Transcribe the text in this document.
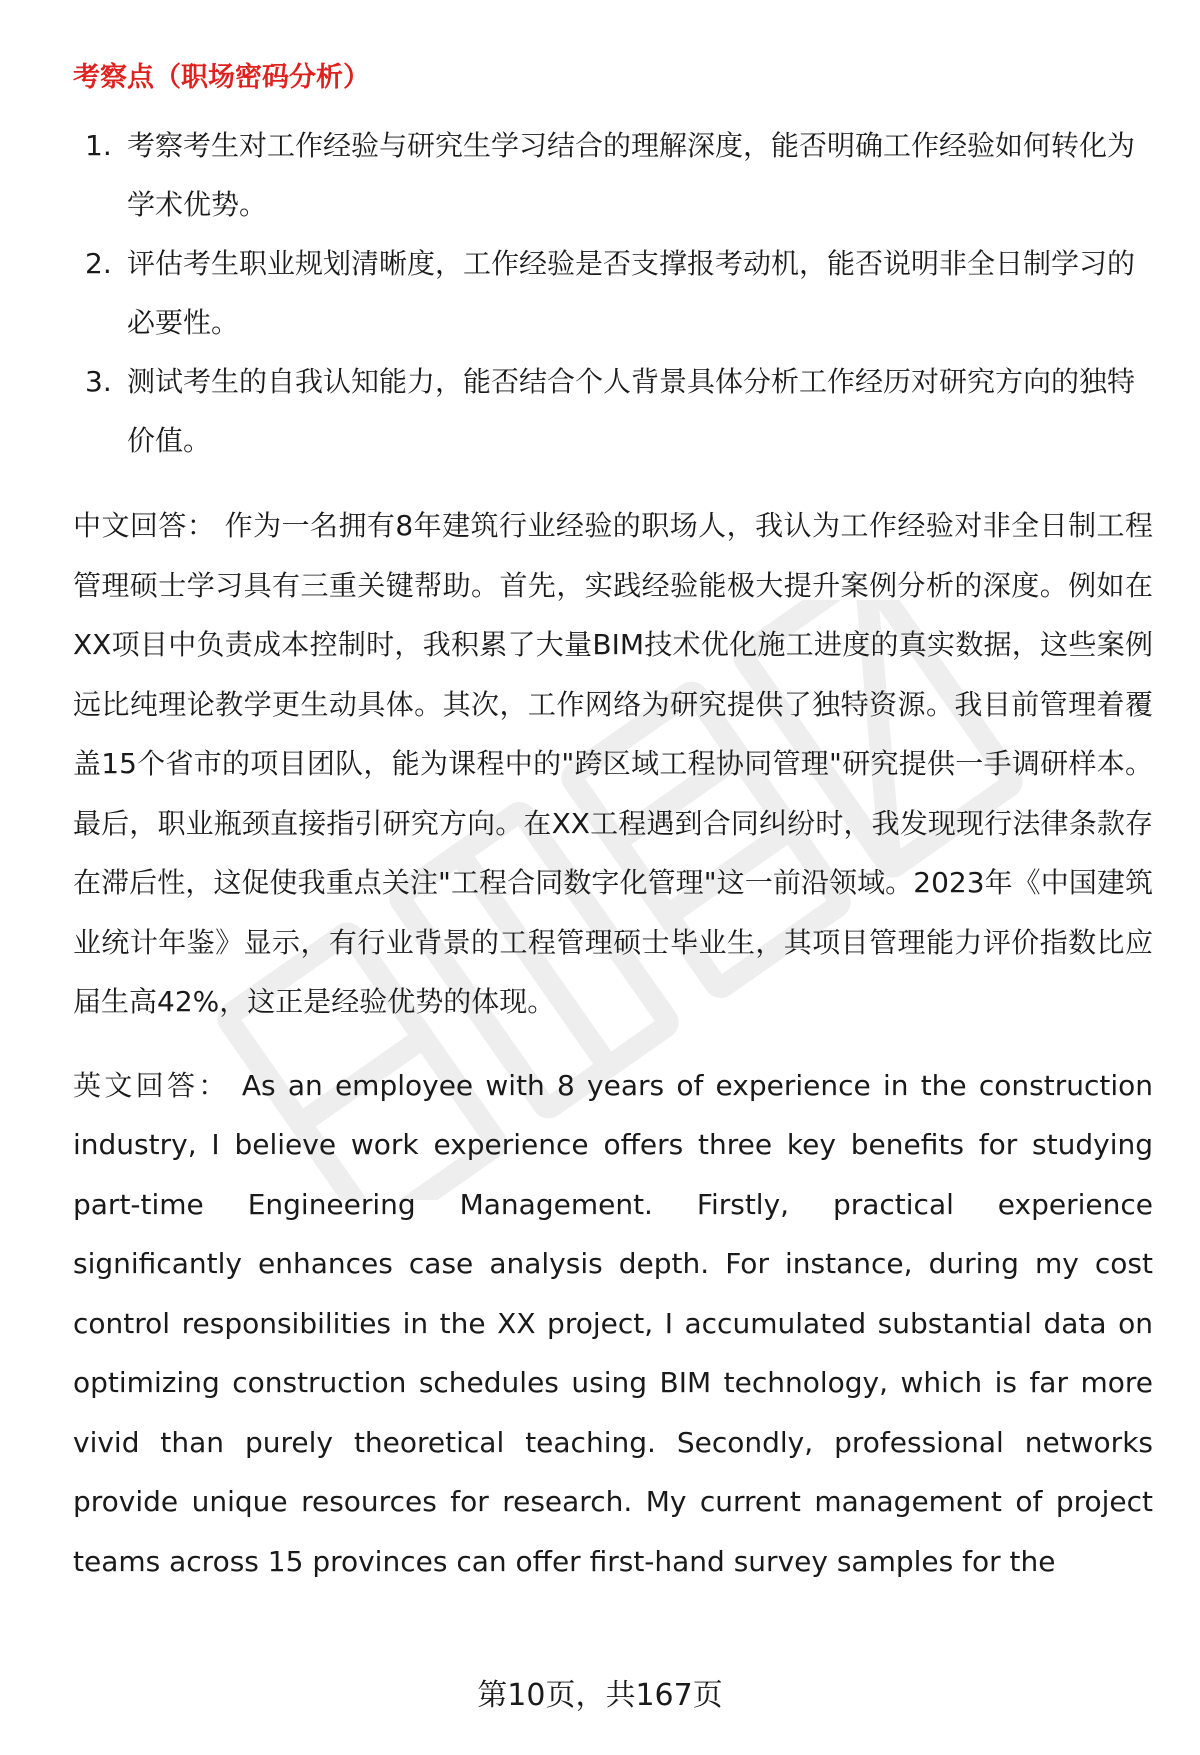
考察点（职场密码分析）
1. 考察考生对工作经验与研究生学习结合的理解深度，能否明确工作经验如何转化为学术优势。
2. 评估考生职业规划清晰度，工作经验是否支撑报考动机，能否说明非全日制学习的必要性。
3. 测试考生的自我认知能力，能否结合个人背景具体分析工作经历对研究方向的独特价值。

中文回答： 作为一名拥有8年建筑行业经验的职场人，我认为工作经验对非全日制工程管理硕士学习具有三重关键帮助。首先，实践经验能极大提升案例分析的深度。例如在XX项目中负责成本控制时，我积累了大量BIM技术优化施工进度的真实数据，这些案例远比纯理论教学更生动具体。其次，工作网络为研究提供了独特资源。我目前管理着覆盖15个省市的项目团队，能为课程中的"跨区域工程协同管理"研究提供一手调研样本。最后，职业瓶颈直接指引研究方向。在XX工程遇到合同纠纷时，我发现现行法律条款存在滞后性，这促使我重点关注"工程合同数字化管理"这一前沿领域。2023年《中国建筑业统计年鉴》显示，有行业背景的工程管理硕士毕业生，其项目管理能力评价指数比应届生高42%，这正是经验优势的体现。

英文回答： As an employee with 8 years of experience in the construction industry, I believe work experience offers three key benefits for studying part-time Engineering Management. Firstly, practical experience significantly enhances case analysis depth. For instance, during my cost control responsibilities in the XX project, I accumulated substantial data on optimizing construction schedules using BIM technology, which is far more vivid than purely theoretical teaching. Secondly, professional networks provide unique resources for research. My current management of project teams across 15 provinces can offer first-hand survey samples for the

第10页，共167页
